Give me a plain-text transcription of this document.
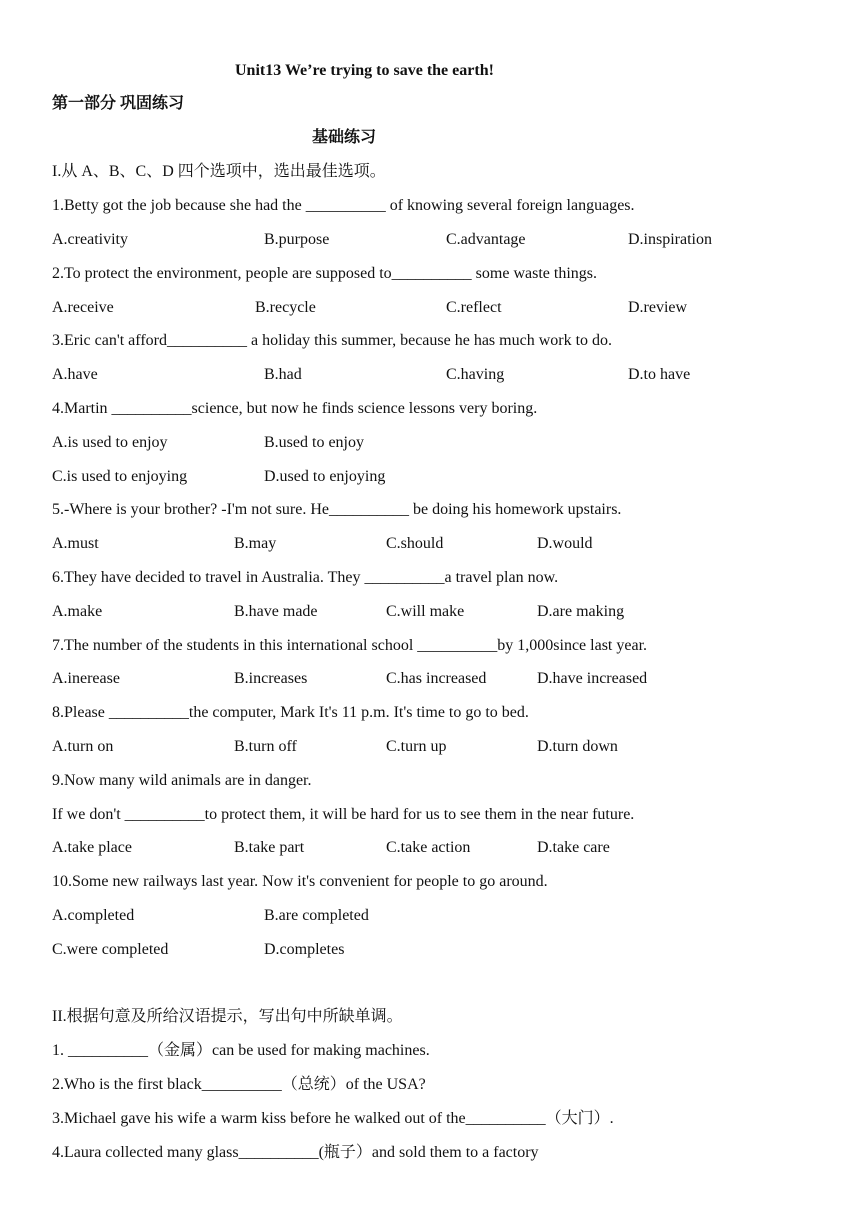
Unit13 We’re trying to save the earth!
第一部分 巩固练习
基础练习
I.从 A、B、C、D 四个选项中，选出最佳选项。
1.Betty got the job because she had the __________ of knowing several foreign languages.
A.creativity	B.purpose	C.advantage	D.inspiration
2.To protect the environment, people are supposed to__________ some waste things.
A.receive	B.recycle	C.reflect	D.review
3.Eric can't afford__________ a holiday this summer, because he has much work to do.
A.have	B.had	C.having	D.to have
4.Martin __________science, but now he finds science lessons very boring.
A.is used to enjoy	B.used to enjoy
C.is used to enjoying	D.used to enjoying
5.-Where is your brother? -I'm not sure. He__________ be doing his homework upstairs.
A.must	B.may	C.should	D.would
6.They have decided to travel in Australia. They __________a travel plan now.
A.make	B.have made	C.will make	D.are making
7.The number of the students in this international school __________by 1,000since last year.
A.inerease	B.increases	C.has increased	D.have increased
8.Please __________the computer, Mark It's 11 p.m. It's time to go to bed.
A.turn on	B.turn off	C.turn up	D.turn down
9.Now many wild animals are in danger.
If we don't __________to protect them, it will be hard for us to see them in the near future.
A.take place	B.take part	C.take action	D.take care
10.Some new railways last year. Now it's convenient for people to go around.
A.completed	B.are completed
C.were completed	D.completes
II.根据句意及所给汉语提示，写出句中所缺单调。
1. __________（金属）can be used for making machines.
2.Who is the first black__________（总统）of the USA?
3.Michael gave his wife a warm kiss before he walked out of the__________（大门）.
4.Laura collected many glass__________(瓶子）and sold them to a factory
